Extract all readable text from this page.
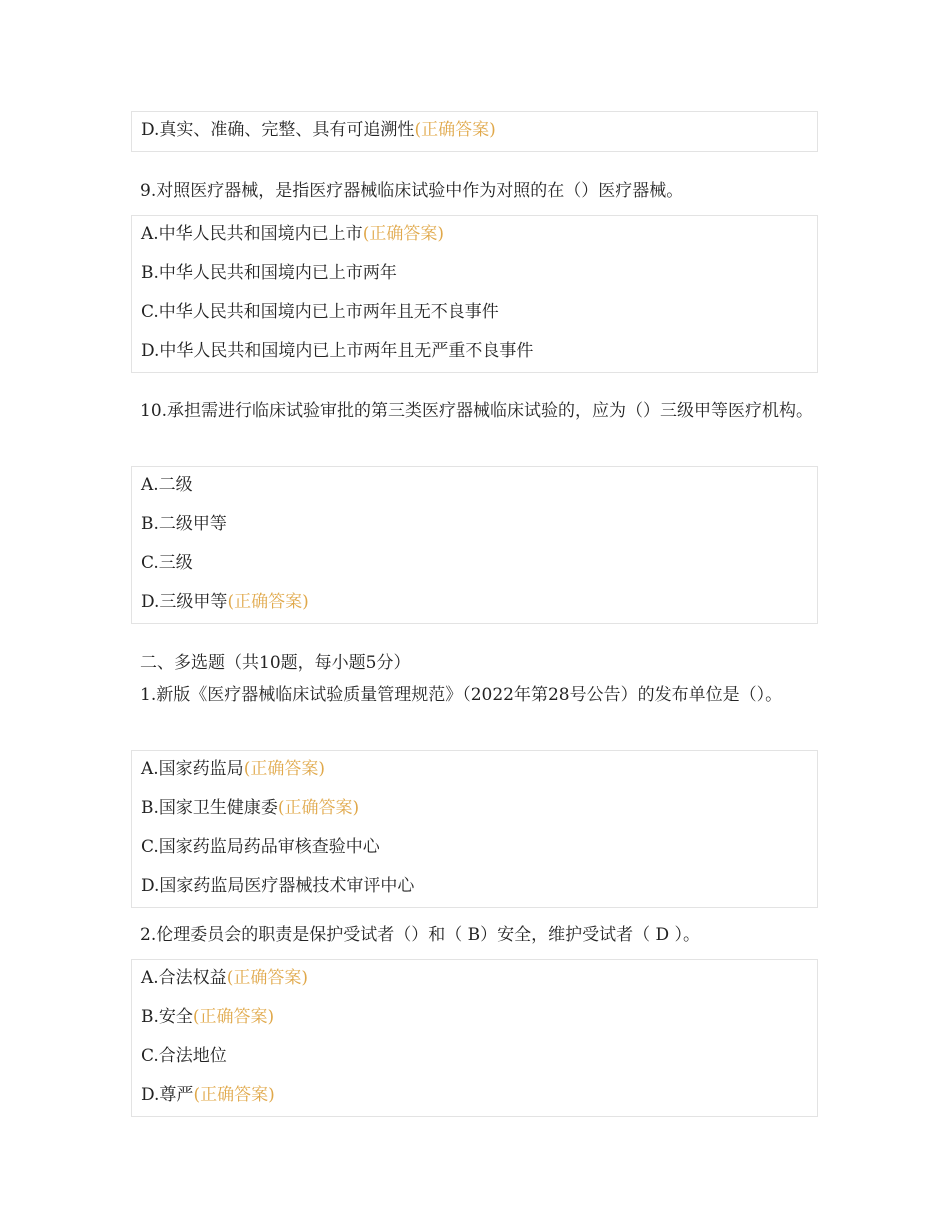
D.真实、准确、完整、具有可追溯性(正确答案)
9.对照医疗器械，是指医疗器械临床试验中作为对照的在（）医疗器械。
A.中华人民共和国境内已上市(正确答案)
B.中华人民共和国境内已上市两年
C.中华人民共和国境内已上市两年且无不良事件
D.中华人民共和国境内已上市两年且无严重不良事件
10.承担需进行临床试验审批的第三类医疗器械临床试验的，应为（）三级甲等医疗机构。
A.二级
B.二级甲等
C.三级
D.三级甲等(正确答案)
二、多选题（共10题，每小题5分）
1.新版《医疗器械临床试验质量管理规范》（2022年第28号公告）的发布单位是（）。
A.国家药监局(正确答案)
B.国家卫生健康委(正确答案)
C.国家药监局药品审核查验中心
D.国家药监局医疗器械技术审评中心
2.伦理委员会的职责是保护受试者（）和（ B）安全，维护受试者（ D ）。
A.合法权益(正确答案)
B.安全(正确答案)
C.合法地位
D.尊严(正确答案)
